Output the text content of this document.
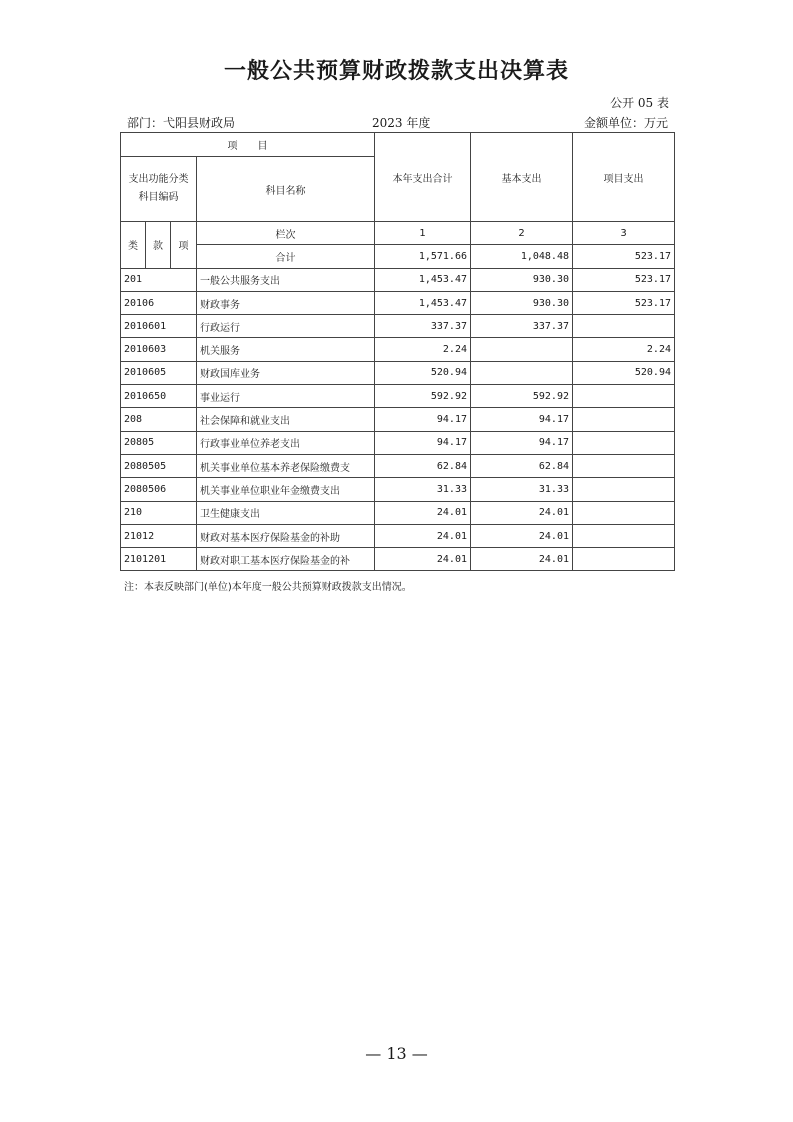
一般公共预算财政拨款支出决算表
公开 05 表
部门：弋阳县财政局	2023 年度	金额单位：万元
项　　目				本年支出合计	基本支出	项目支出
支出功能分类科目编码			科目名称			

类	款	项	栏次	1	2	3
			合计	1,571.66	1,048.48	523.17
201			一般公共服务支出	1,453.47	930.30	523.17
20106			财政事务	1,453.47	930.30	523.17
2010601			行政运行	337.37	337.37	
2010603			机关服务	2.24		2.24
2010605			财政国库业务	520.94		520.94
2010650			事业运行	592.92	592.92	
208			社会保障和就业支出	94.17	94.17	
20805			行政事业单位养老支出	94.17	94.17	
2080505			机关事业单位基本养老保险缴费支	62.84	62.84	
2080506			机关事业单位职业年金缴费支出	31.33	31.33	
210			卫生健康支出	24.01	24.01	
21012			财政对基本医疗保险基金的补助	24.01	24.01	
2101201			财政对职工基本医疗保险基金的补	24.01	24.01	
注：本表反映部门(单位)本年度一般公共预算财政拨款支出情况。
— 13 —
